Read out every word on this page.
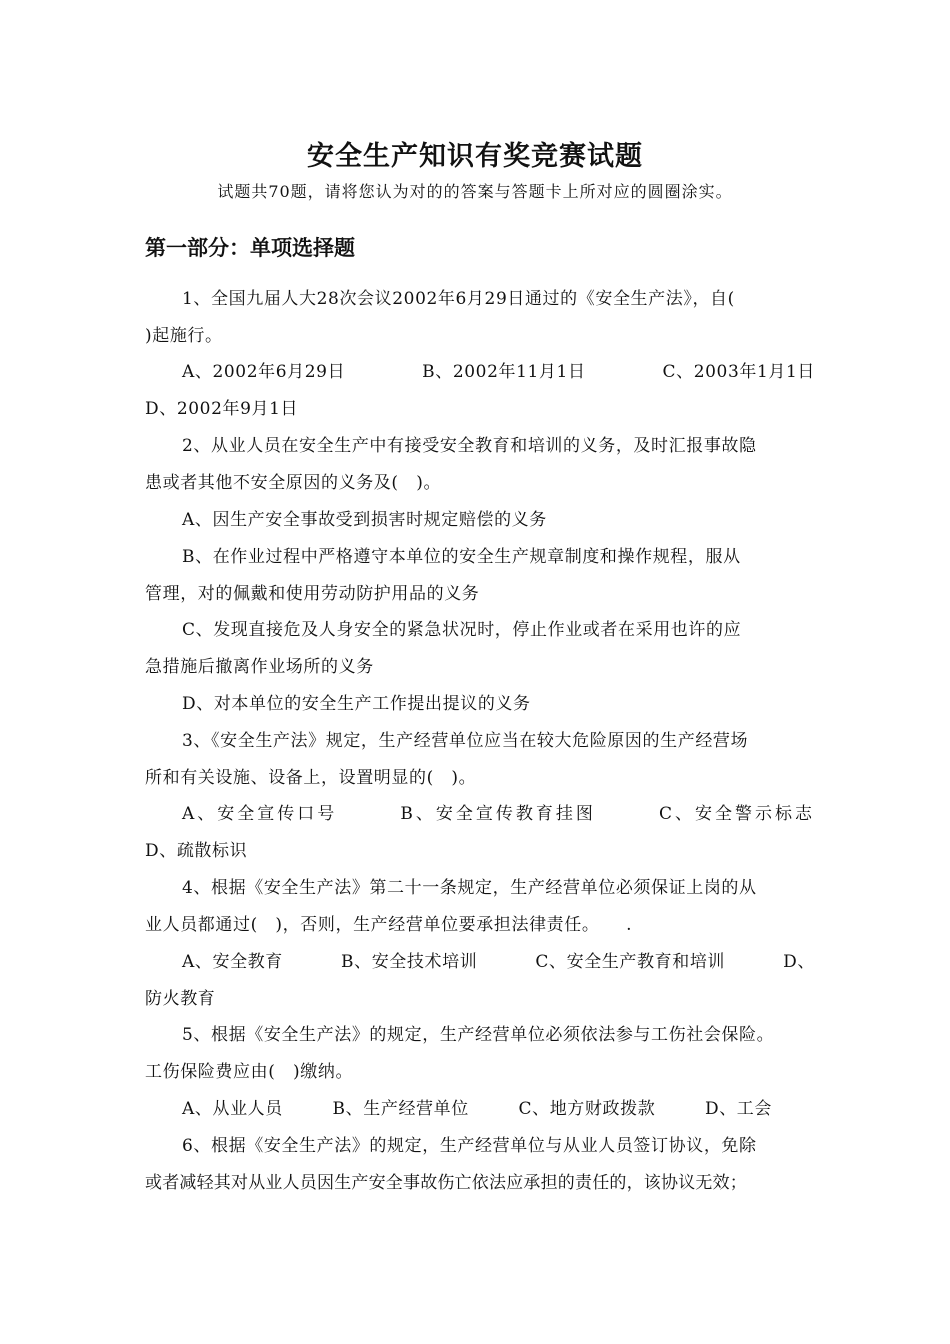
安全生产知识有奖竞赛试题
试题共70题，请将您认为对的的答案与答题卡上所对应的圆圈涂实。
第一部分：单项选择题
1、全国九届人大28次会议2002年6月29日通过的《安全生产法》，自(
)起施行。
A、2002年6月29日	B、2002年11月1日	C、2003年1月1日
D、2002年9月1日
2、从业人员在安全生产中有接受安全教育和培训的义务，及时汇报事故隐
患或者其他不安全原因的义务及(　)。
A、因生产安全事故受到损害时规定赔偿的义务
B、在作业过程中严格遵守本单位的安全生产规章制度和操作规程，服从
管理，对的佩戴和使用劳动防护用品的义务
C、发现直接危及人身安全的紧急状况时，停止作业或者在采用也许的应
急措施后撤离作业场所的义务
D、对本单位的安全生产工作提出提议的义务
3、《安全生产法》规定，生产经营单位应当在较大危险原因的生产经营场
所和有关设施、设备上，设置明显的(　)。
A、安全宣传口号	B、安全宣传教育挂图	C、安全警示标志
D、疏散标识
4、根据《安全生产法》第二十一条规定，生产经营单位必须保证上岗的从
业人员都通过(　)，否则，生产经营单位要承担法律责任。　　.
A、安全教育	B、安全技术培训	C、安全生产教育和培训	D、
防火教育
5、根据《安全生产法》的规定，生产经营单位必须依法参与工伤社会保险。
工伤保险费应由(　)缴纳。
A、从业人员	B、生产经营单位	C、地方财政拨款	D、工会
6、根据《安全生产法》的规定，生产经营单位与从业人员签订协议，免除
或者减轻其对从业人员因生产安全事故伤亡依法应承担的责任的，该协议无效；
